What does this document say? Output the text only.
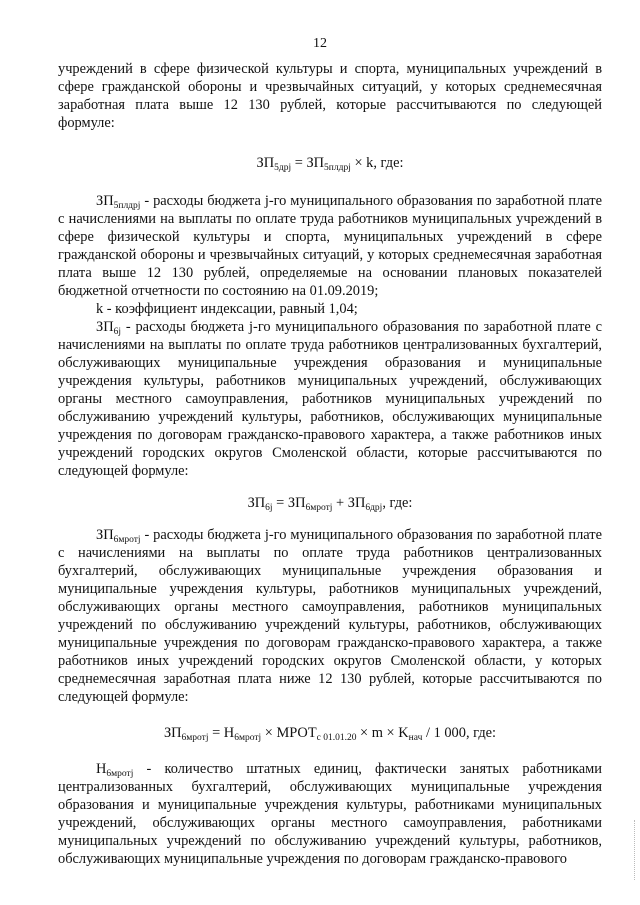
12

учреждений в сфере физической культуры и спорта, муниципальных учреждений в сфере гражданской обороны и чрезвычайных ситуаций, у которых среднемесячная заработная плата выше 12 130 рублей, которые рассчитываются по следующей формуле:

$ЗП_{5дрj} = ЗП_{5плдрj} \times k$, где:

$ЗП_{5плдрj}$ - расходы бюджета j-го муниципального образования по заработной плате с начислениями на выплаты по оплате труда работников муниципальных учреждений в сфере физической культуры и спорта, муниципальных учреждений в сфере гражданской обороны и чрезвычайных ситуаций, у которых среднемесячная заработная плата выше 12 130 рублей, определяемые на основании плановых показателей бюджетной отчетности по состоянию на 01.09.2019;

k - коэффициент индексации, равный 1,04;

$ЗП_{6j}$ - расходы бюджета j-го муниципального образования по заработной плате с начислениями на выплаты по оплате труда работников централизованных бухгалтерий, обслуживающих муниципальные учреждения образования и муниципальные учреждения культуры, работников муниципальных учреждений, обслуживающих органы местного самоуправления, работников муниципальных учреждений по обслуживанию учреждений культуры, работников, обслуживающих муниципальные учреждения по договорам гражданско-правового характера, а также работников иных учреждений городских округов Смоленской области, которые рассчитываются по следующей формуле:

$ЗП_{6j} = ЗП_{6мротj} + ЗП_{6дрj}$, где:

$ЗП_{6мротj}$ - расходы бюджета j-го муниципального образования по заработной плате с начислениями на выплаты по оплате труда работников централизованных бухгалтерий, обслуживающих муниципальные учреждения образования и муниципальные учреждения культуры, работников муниципальных учреждений, обслуживающих органы местного самоуправления, работников муниципальных учреждений по обслуживанию учреждений культуры, работников, обслуживающих муниципальные учреждения по договорам гражданско-правового характера, а также работников иных учреждений городских округов Смоленской области, у которых среднемесячная заработная плата ниже 12 130 рублей, которые рассчитываются по следующей формуле:

$ЗП_{6мротj} = Н_{6мротj}$ × $МРОТ_{с 01.01.20} \times m \times K_{нач} / 1$ 000, где:

$Н_{6мротj}$ - количество штатных единиц, фактически занятых работниками централизованных бухгалтерий, обслуживающих муниципальные учреждения образования и муниципальные учреждения культуры, работниками муниципальных учреждений, обслуживающих органы местного самоуправления, работниками муниципальных учреждений по обслуживанию учреждений культуры, работников, обслуживающих муниципальные учреждения по договорам гражданско-правового
